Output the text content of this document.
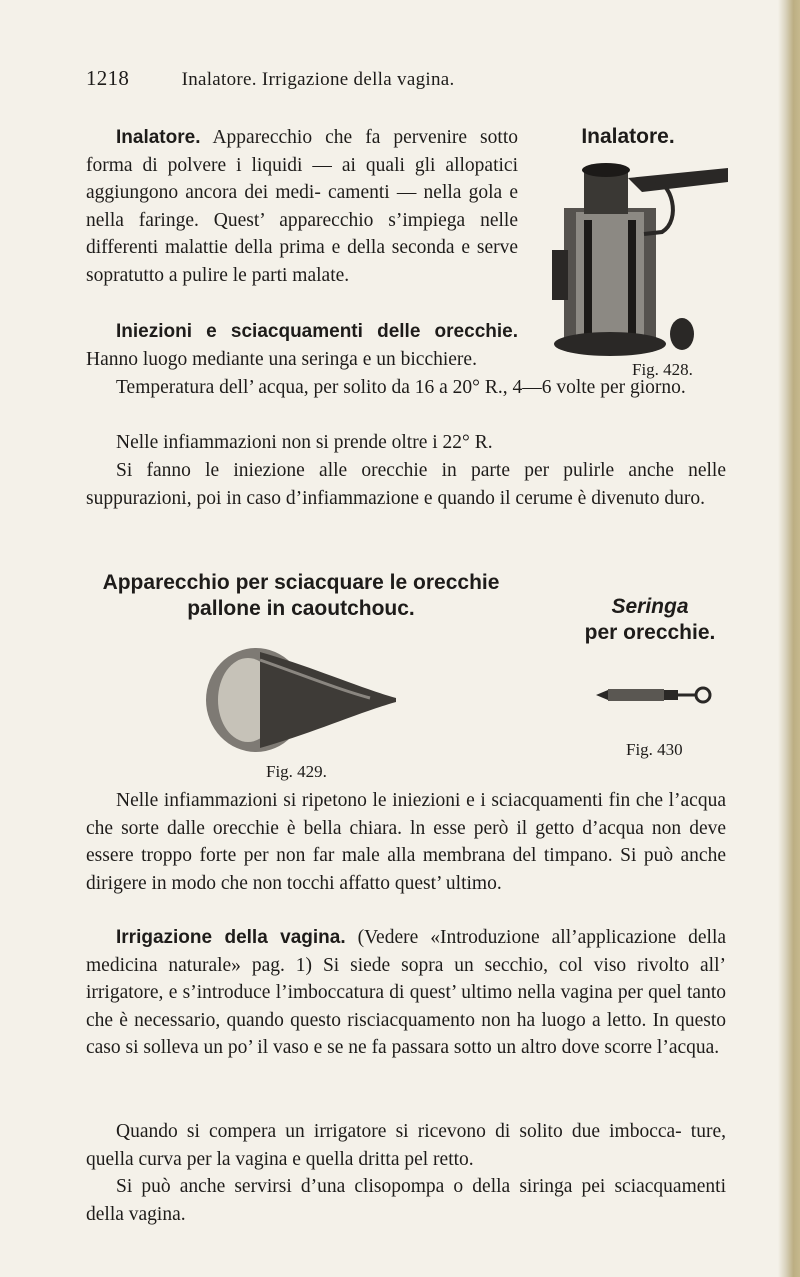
1218	Inalatore. Irrigazione della vagina.
Inalatore.
Fig. 428.
Inalatore. Apparecchio che fa pervenire sotto forma di polvere i liquidi — ai quali gli allopatici aggiungono ancora dei medi- camenti — nella gola e nella faringe. Quest’ apparecchio s’impiega nelle differenti malattie della prima e della seconda e serve sopratutto a pulire le parti malate.
Iniezioni e sciacquamenti delle orecchie. Hanno luogo mediante una seringa e un bicchiere.
Temperatura dell’ acqua, per solito da 16 a 20° R., 4—6 volte per giorno.
Nelle infiammazioni non si prende oltre i 22° R.
Si fanno le iniezione alle orecchie in parte per pulirle anche nelle suppurazioni, poi in caso d’infiammazione e quando il cerume è divenuto duro.
Apparecchio per sciacquare le orecchie
pallone in caoutchouc.
Fig. 429.
Seringa
per orecchie.
Fig. 430
Nelle infiammazioni si ripetono le iniezioni e i sciacquamenti fin che l’acqua che sorte dalle orecchie è bella chiara. ln esse però il getto d’acqua non deve essere troppo forte per non far male alla membrana del timpano. Si può anche dirigere in modo che non tocchi affatto quest’ ultimo.
Irrigazione della vagina. (Vedere «Introduzione all’applicazione della medicina naturale» pag. 1) Si siede sopra un secchio, col viso rivolto all’ irrigatore, e s’introduce l’imboccatura di quest’ ultimo nella vagina per quel tanto che è necessario, quando questo risciacquamento non ha luogo a letto. In questo caso si solleva un po’ il vaso e se ne fa passara sotto un altro dove scorre l’acqua.
Quando si compera un irrigatore si ricevono di solito due imbocca- ture, quella curva per la vagina e quella dritta pel retto.
Si può anche servirsi d’una clisopompa o della siringa pei sciacquamenti della vagina.
